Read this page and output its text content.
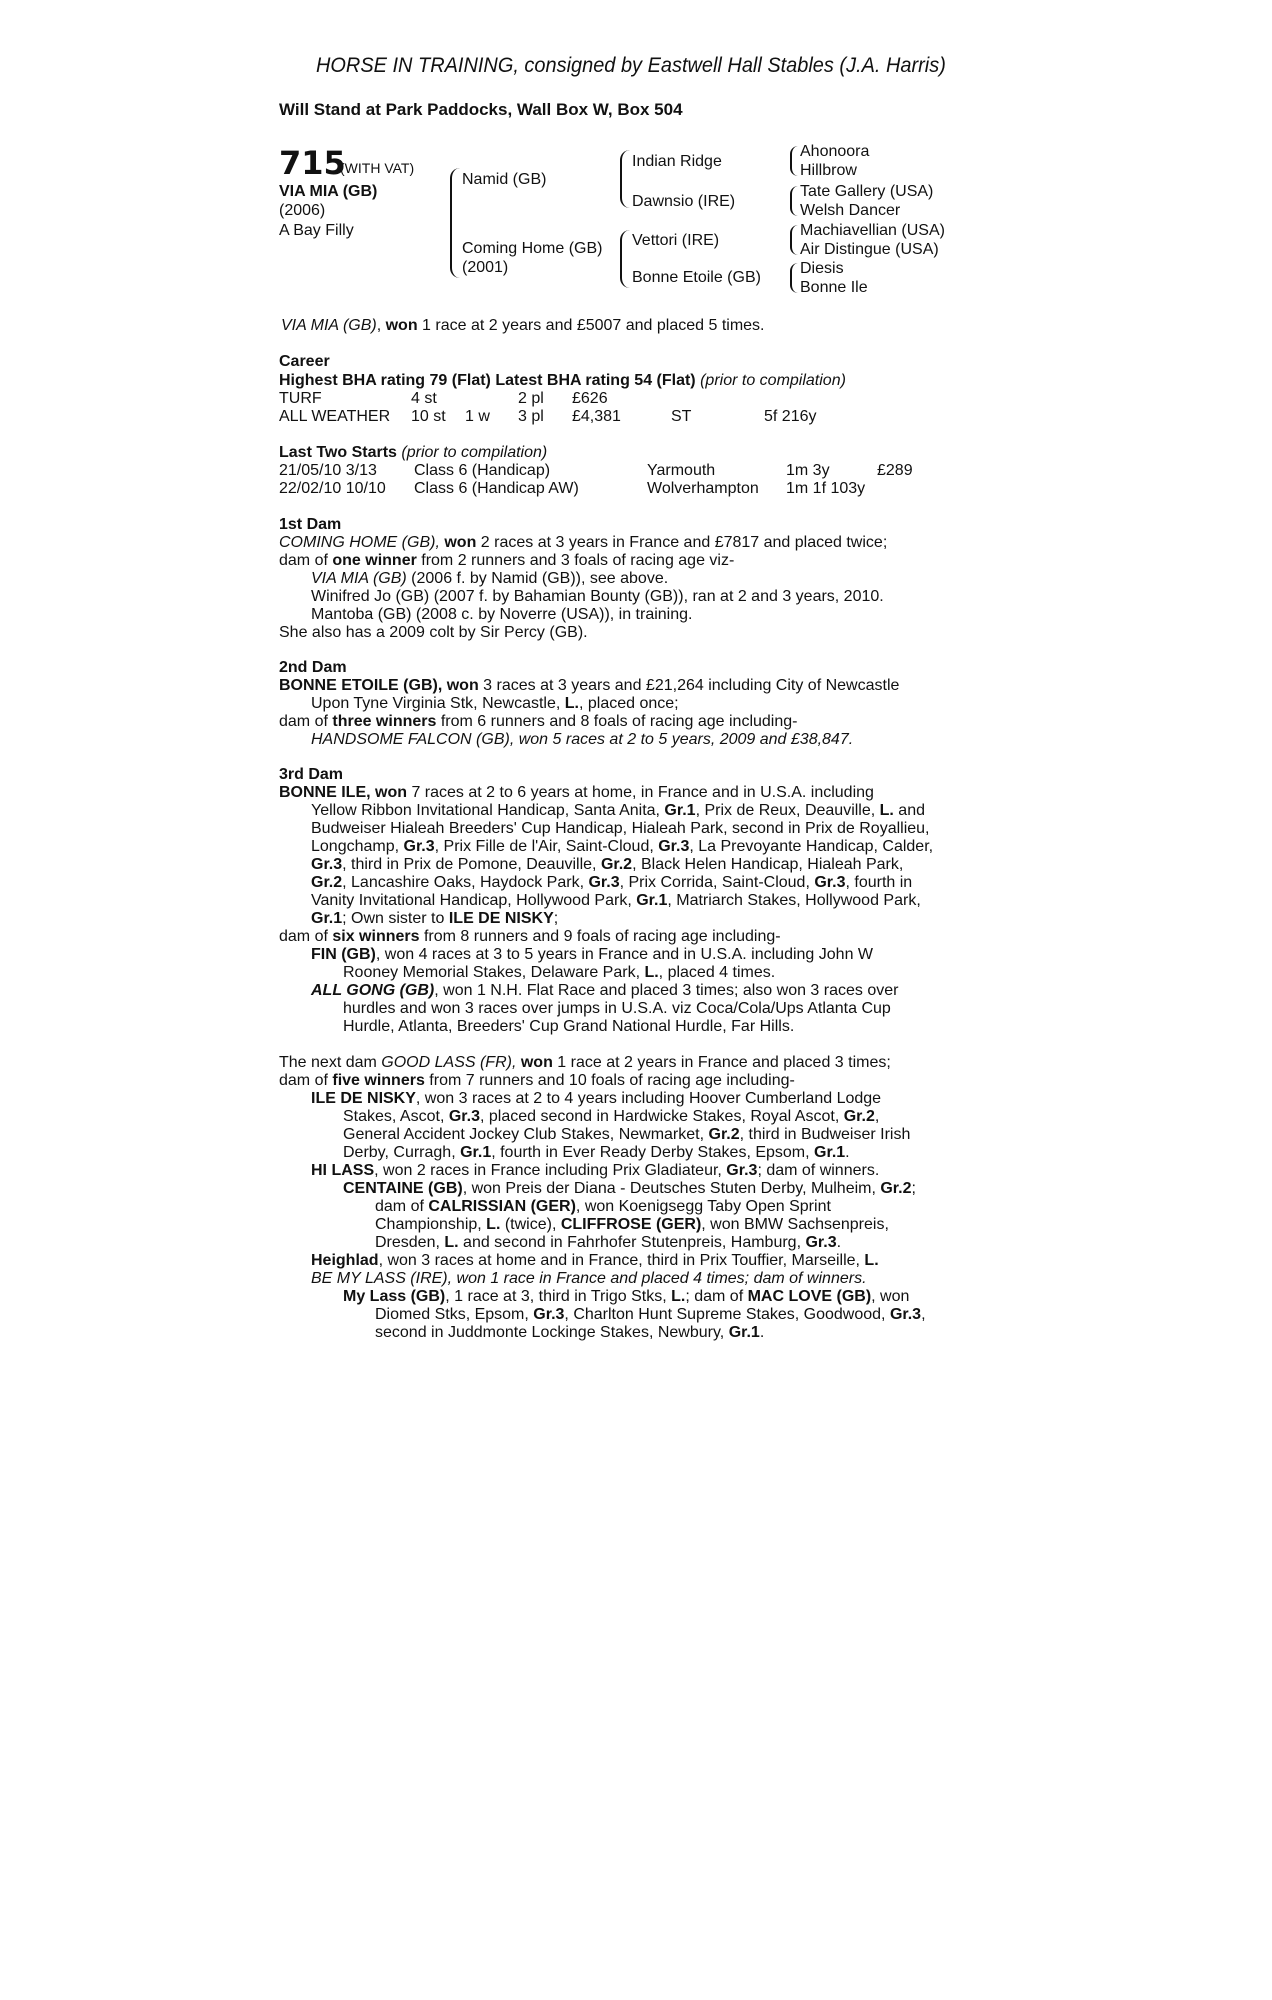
HORSE IN TRAINING, consigned by Eastwell Hall Stables (J.A. Harris)
Will Stand at Park Paddocks, Wall Box W, Box 504
715
(WITH VAT)
VIA MIA (GB)
(2006)
A Bay Filly
Namid (GB)
Coming Home (GB)
(2001)
Indian Ridge
Dawnsio (IRE)
Vettori (IRE)
Bonne Etoile (GB)
Ahonoora
Hillbrow
Tate Gallery (USA)
Welsh Dancer
Machiavellian (USA)
Air Distingue (USA)
Diesis
Bonne Ile
VIA MIA (GB), won 1 race at 2 years and £5007 and placed 5 times.
Career
Highest BHA rating 79 (Flat) Latest BHA rating 54 (Flat) (prior to compilation)
TURF	4 st	2 pl £626
ALL WEATHER 10 st 1 w 3 pl £4,381	ST	5f 216y
Last Two Starts (prior to compilation)
21/05/10 3/13 Class 6 (Handicap)	Yarmouth	1m 3y	£289
22/02/10 10/10 Class 6 (Handicap AW)	Wolverhampton 1m 1f 103y
1st Dam
COMING HOME (GB), won 2 races at 3 years in France and £7817 and placed twice;
dam of one winner from 2 runners and 3 foals of racing age viz-
VIA MIA (GB) (2006 f. by Namid (GB)), see above.
Winifred Jo (GB) (2007 f. by Bahamian Bounty (GB)), ran at 2 and 3 years, 2010.
Mantoba (GB) (2008 c. by Noverre (USA)), in training.
She also has a 2009 colt by Sir Percy (GB).
2nd Dam
BONNE ETOILE (GB), won 3 races at 3 years and £21,264 including City of Newcastle
Upon Tyne Virginia Stk, Newcastle, L., placed once;
dam of three winners from 6 runners and 8 foals of racing age including-
HANDSOME FALCON (GB), won 5 races at 2 to 5 years, 2009 and £38,847.
3rd Dam
BONNE ILE, won 7 races at 2 to 6 years at home, in France and in U.S.A. including
Yellow Ribbon Invitational Handicap, Santa Anita, Gr.1, Prix de Reux, Deauville, L. and
Budweiser Hialeah Breeders' Cup Handicap, Hialeah Park, second in Prix de Royallieu,
Longchamp, Gr.3, Prix Fille de l'Air, Saint-Cloud, Gr.3, La Prevoyante Handicap, Calder,
Gr.3, third in Prix de Pomone, Deauville, Gr.2, Black Helen Handicap, Hialeah Park,
Gr.2, Lancashire Oaks, Haydock Park, Gr.3, Prix Corrida, Saint-Cloud, Gr.3, fourth in
Vanity Invitational Handicap, Hollywood Park, Gr.1, Matriarch Stakes, Hollywood Park,
Gr.1; Own sister to ILE DE NISKY;
dam of six winners from 8 runners and 9 foals of racing age including-
FIN (GB), won 4 races at 3 to 5 years in France and in U.S.A. including John W
Rooney Memorial Stakes, Delaware Park, L., placed 4 times.
ALL GONG (GB), won 1 N.H. Flat Race and placed 3 times; also won 3 races over
hurdles and won 3 races over jumps in U.S.A. viz Coca/Cola/Ups Atlanta Cup
Hurdle, Atlanta, Breeders' Cup Grand National Hurdle, Far Hills.
The next dam GOOD LASS (FR), won 1 race at 2 years in France and placed 3 times;
dam of five winners from 7 runners and 10 foals of racing age including-
ILE DE NISKY, won 3 races at 2 to 4 years including Hoover Cumberland Lodge
Stakes, Ascot, Gr.3, placed second in Hardwicke Stakes, Royal Ascot, Gr.2,
General Accident Jockey Club Stakes, Newmarket, Gr.2, third in Budweiser Irish
Derby, Curragh, Gr.1, fourth in Ever Ready Derby Stakes, Epsom, Gr.1.
HI LASS, won 2 races in France including Prix Gladiateur, Gr.3; dam of winners.
CENTAINE (GB), won Preis der Diana - Deutsches Stuten Derby, Mulheim, Gr.2;
dam of CALRISSIAN (GER), won Koenigsegg Taby Open Sprint
Championship, L. (twice), CLIFFROSE (GER), won BMW Sachsenpreis,
Dresden, L. and second in Fahrhofer Stutenpreis, Hamburg, Gr.3.
Heighlad, won 3 races at home and in France, third in Prix Touffier, Marseille, L.
BE MY LASS (IRE), won 1 race in France and placed 4 times; dam of winners.
My Lass (GB), 1 race at 3, third in Trigo Stks, L.; dam of MAC LOVE (GB), won
Diomed Stks, Epsom, Gr.3, Charlton Hunt Supreme Stakes, Goodwood, Gr.3,
second in Juddmonte Lockinge Stakes, Newbury, Gr.1.
